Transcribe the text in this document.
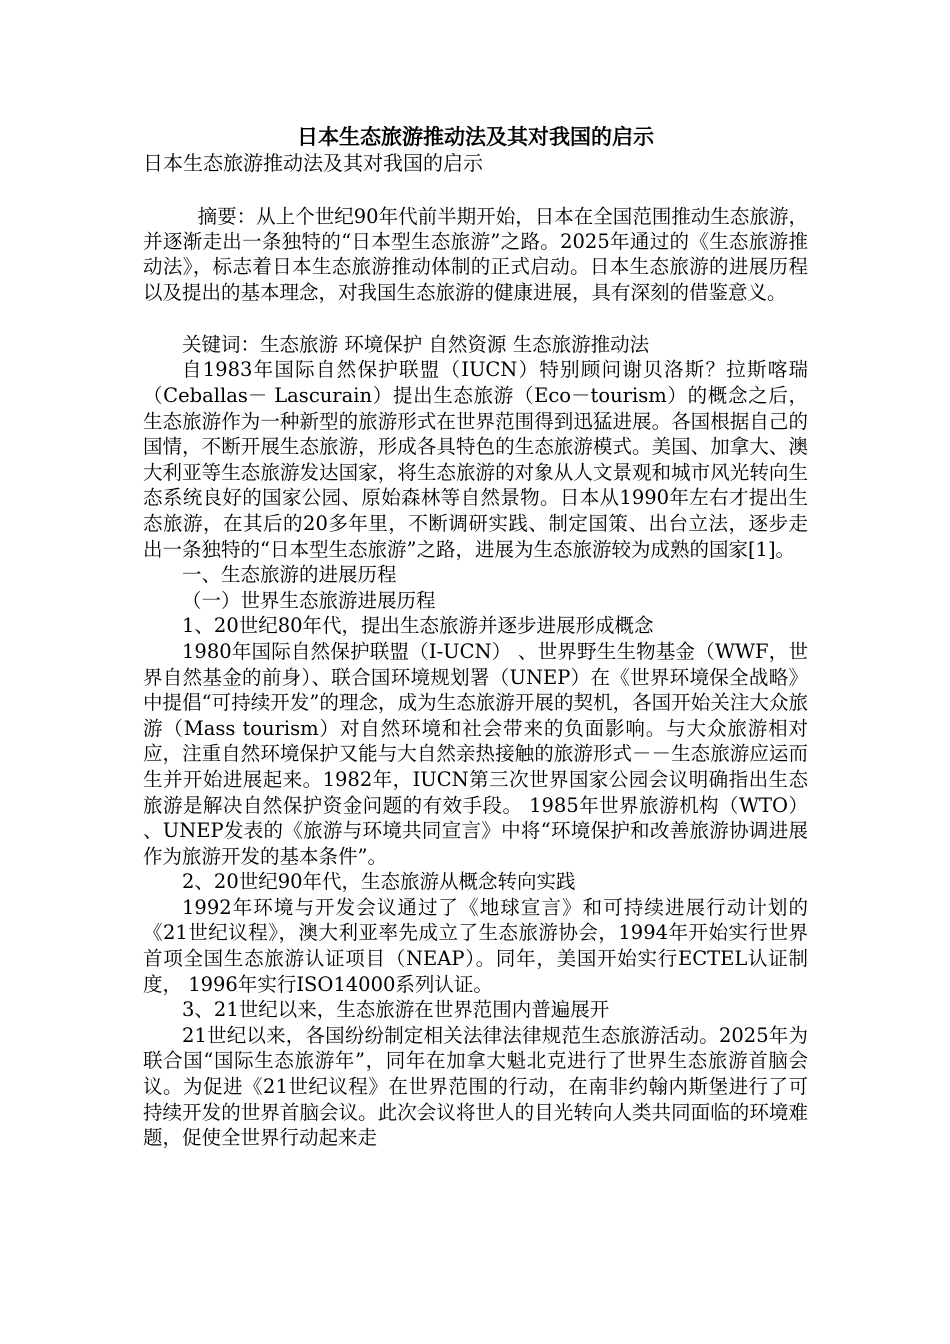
日本生态旅游推动法及其对我国的启示
日本生态旅游推动法及其对我国的启示

摘要：从上个世纪90年代前半期开始，日本在全国范围推动生态旅游，并逐渐走出一条独特的“日本型生态旅游”之路。2025年通过的《生态旅游推动法》，标志着日本生态旅游推动体制的正式启动。日本生态旅游的进展历程以及提出的基本理念，对我国生态旅游的健康进展，具有深刻的借鉴意义。

关键词：生态旅游 环境保护 自然资源 生态旅游推动法

自1983年国际自然保护联盟（IUCN）特别顾问谢贝洛斯？拉斯喀瑞（Ceballas－ Lascurain）提出生态旅游（Eco－tourism）的概念之后，生态旅游作为一种新型的旅游形式在世界范围得到迅猛进展。各国根据自己的国情，不断开展生态旅游，形成各具特色的生态旅游模式。美国、加拿大、澳大利亚等生态旅游发达国家，将生态旅游的对象从人文景观和城市风光转向生态系统良好的国家公园、原始森林等自然景物。日本从1990年左右才提出生态旅游，在其后的20多年里，不断调研实践、制定国策、出台立法，逐步走出一条独特的“日本型生态旅游”之路，进展为生态旅游较为成熟的国家[1]。

一、生态旅游的进展历程

（一）世界生态旅游进展历程

1、20世纪80年代，提出生态旅游并逐步进展形成概念

1980年国际自然保护联盟（I-UCN） 、世界野生生物基金（WWF，世界自然基金的前身）、联合国环境规划署（UNEP）在《世界环境保全战略》中提倡“可持续开发”的理念，成为生态旅游开展的契机，各国开始关注大众旅游（Mass tourism）对自然环境和社会带来的负面影响。与大众旅游相对应，注重自然环境保护又能与大自然亲热接触的旅游形式－－生态旅游应运而生并开始进展起来。1982年，IUCN第三次世界国家公园会议明确指出生态旅游是解决自然保护资金问题的有效手段。 1985年世界旅游机构（WTO） 、UNEP发表的《旅游与环境共同宣言》中将“环境保护和改善旅游协调进展作为旅游开发的基本条件”。

2、20世纪90年代，生态旅游从概念转向实践

1992年环境与开发会议通过了《地球宣言》和可持续进展行动计划的《21世纪议程》，澳大利亚率先成立了生态旅游协会，1994年开始实行世界首项全国生态旅游认证项目（NEAP）。同年，美国开始实行ECTEL认证制度， 1996年实行ISO14000系列认证。

3、21世纪以来，生态旅游在世界范围内普遍展开

21世纪以来，各国纷纷制定相关法律法律规范生态旅游活动。2025年为联合国“国际生态旅游年”，同年在加拿大魁北克进行了世界生态旅游首脑会议。为促进《21世纪议程》在世界范围的行动，在南非约翰内斯堡进行了可持续开发的世界首脑会议。此次会议将世人的目光转向人类共同面临的环境难题，促使全世界行动起来走
